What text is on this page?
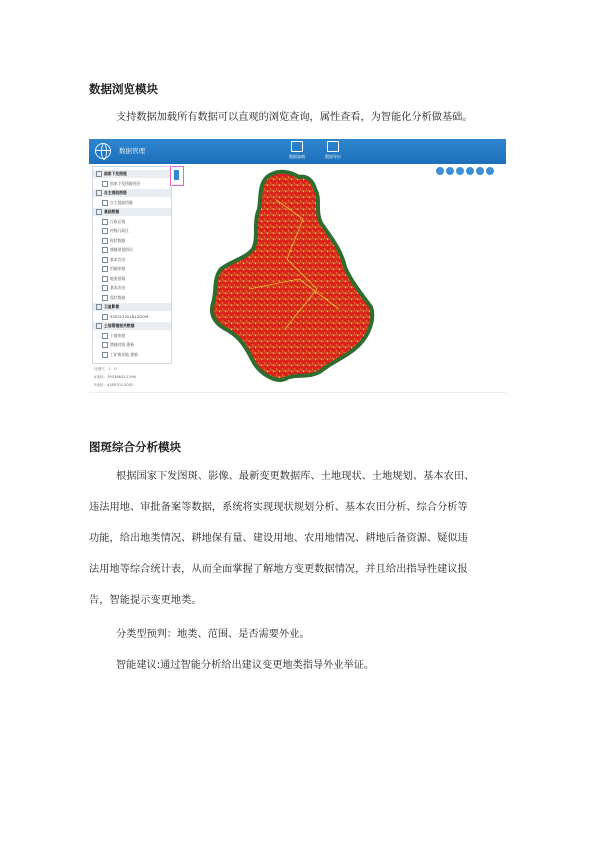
数据浏览模块
支持数据加载所有数据可以直观的浏览查询，属性查看，为智能化分析做基础。
数据管理
数据加载	数据导出
国家下发图斑
国家下发图斑图层
自主提取图斑
自主提取图斑
基础数据
行政区划
村级行政区
现状数据
城镇规划图层
基本农田
用地审批
地类图斑
基本农田
现状数据
卫星影像
330312201B12DOM
土地管理相关数据
土地审批
增减挂钩-建新
工矿废弃地-建新
比例尺：1：0
X坐标：39536631.1596
Y坐标：4180701.0002
图斑综合分析模块
根据国家下发图斑、影像、最新变更数据库、土地现状、土地规划、基本农田、
违法用地、审批备案等数据，系统将实现现状规划分析、基本农田分析、综合分析等
功能，给出地类情况、耕地保有量、建设用地、农用地情况、耕地后备资源、疑似违
法用地等综合统计表，从而全面掌握了解地方变更数据情况，并且给出指导性建议报
告，智能提示变更地类。
分类型预判：地类、范围、是否需要外业。
智能建议:通过智能分析给出建议变更地类指导外业举证。
